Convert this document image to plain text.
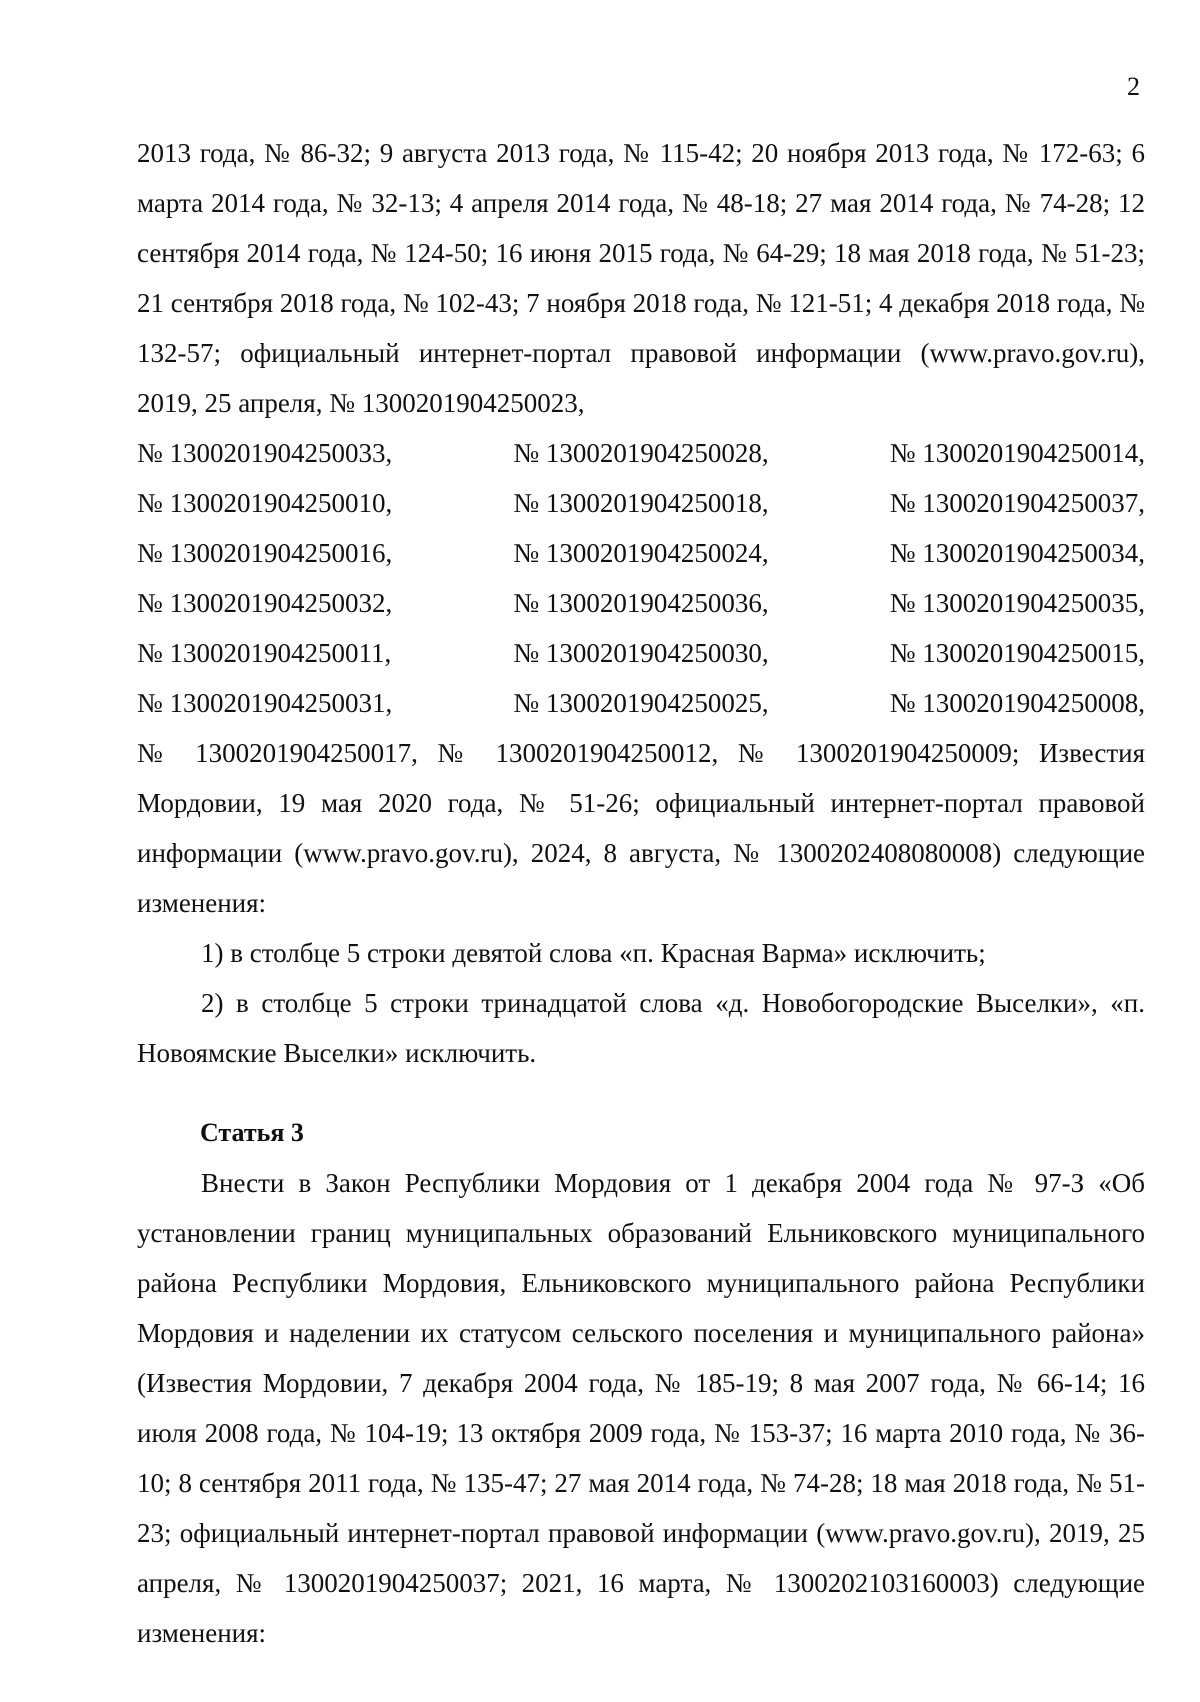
2

2013 года, № 86-32; 9 августа 2013 года, № 115-42; 20 ноября 2013 года, № 172-63; 6 марта 2014 года, № 32-13; 4 апреля 2014 года, № 48-18; 27 мая 2014 года, № 74-28; 12 сентября 2014 года, № 124-50; 16 июня 2015 года, № 64-29; 18 мая 2018 года, № 51-23; 21 сентября 2018 года, № 102-43; 7 ноября 2018 года, № 121-51; 4 декабря 2018 года, № 132-57; официальный интернет-портал правовой информации (www.pravo.gov.ru), 2019, 25 апреля, № 1300201904250023,

№ 1300201904250033,	№ 1300201904250028,	№ 1300201904250014,
№ 1300201904250010,	№ 1300201904250018,	№ 1300201904250037,
№ 1300201904250016,	№ 1300201904250024,	№ 1300201904250034,
№ 1300201904250032,	№ 1300201904250036,	№ 1300201904250035,
№ 1300201904250011,	№ 1300201904250030,	№ 1300201904250015,
№ 1300201904250031,	№ 1300201904250025,	№ 1300201904250008,

№ 1300201904250017, № 1300201904250012, № 1300201904250009; Известия Мордовии, 19 мая 2020 года, № 51-26; официальный интернет-портал правовой информации (www.pravo.gov.ru), 2024, 8 августа, № 1300202408080008) следующие изменения:

1) в столбце 5 строки девятой слова «п. Красная Варма» исключить;

2) в столбце 5 строки тринадцатой слова «д. Новобогородские Выселки», «п. Новоямские Выселки» исключить.

Статья 3

Внести в Закон Республики Мордовия от 1 декабря 2004 года № 97-З «Об установлении границ муниципальных образований Ельниковского муниципального района Республики Мордовия, Ельниковского муниципального района Республики Мордовия и наделении их статусом сельского поселения и муниципального района» (Известия Мордовии, 7 декабря 2004 года, № 185-19; 8 мая 2007 года, № 66-14; 16 июля 2008 года, № 104-19; 13 октября 2009 года, № 153-37; 16 марта 2010 года, № 36-10; 8 сентября 2011 года, № 135-47; 27 мая 2014 года, № 74-28; 18 мая 2018 года, № 51-23; официальный интернет-портал правовой информации (www.pravo.gov.ru), 2019, 25 апреля, № 1300201904250037; 2021, 16 марта, № 1300202103160003) следующие изменения:
